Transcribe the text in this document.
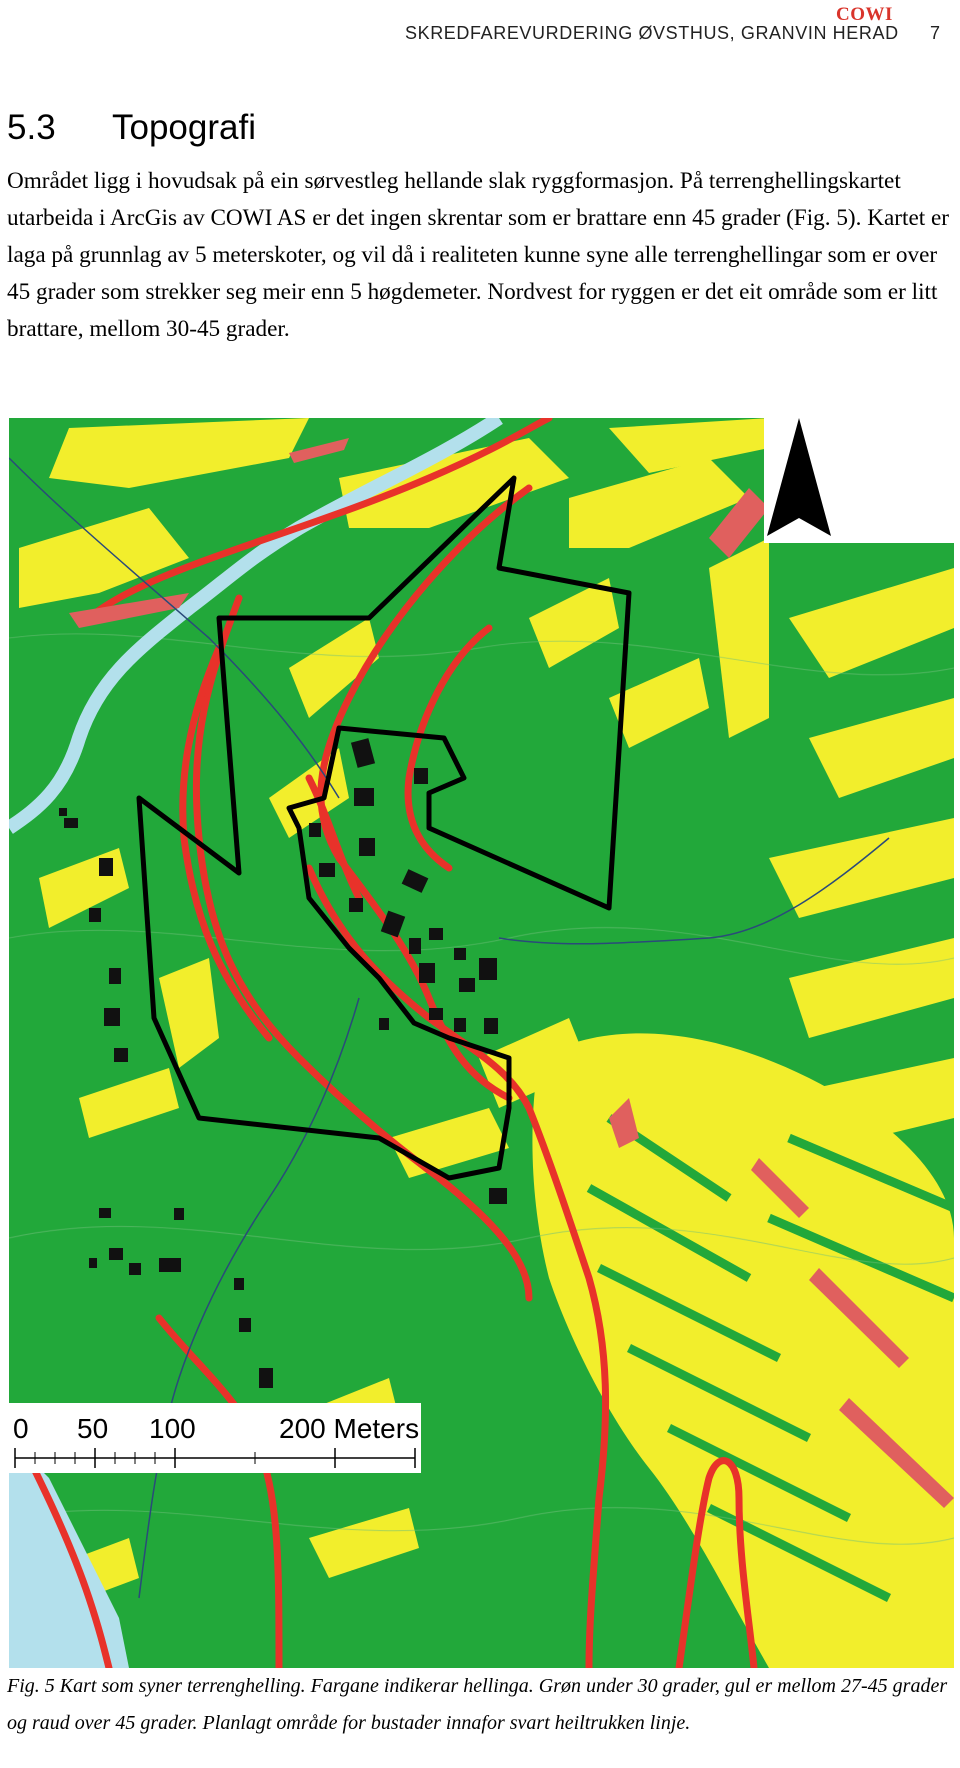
COWI
SKREDFAREVURDERING ØVSTHUS, GRANVIN HERAD 7
5.3 Topografi

Området ligg i hovudsak på ein sørvestleg hellande slak ryggformasjon. På terrenghellingskartet utarbeida i ArcGis av COWI AS er det ingen skrentar som er brattare enn 45 grader (Fig. 5). Kartet er laga på grunnlag av 5 meterskoter, og vil då i realiteten kunne syne alle terrenghellingar som er over 45 grader som strekker seg meir enn 5 høgdemeter. Nordvest for ryggen er det eit område som er litt brattare, mellom 30-45 grader.

0 50 100	200 Meters

Fig. 5 Kart som syner terrenghelling. Fargane indikerar hellinga. Grøn under 30 grader, gul er mellom 27-45 grader og raud over 45 grader. Planlagt område for bustader innafor svart heiltrukken linje.
